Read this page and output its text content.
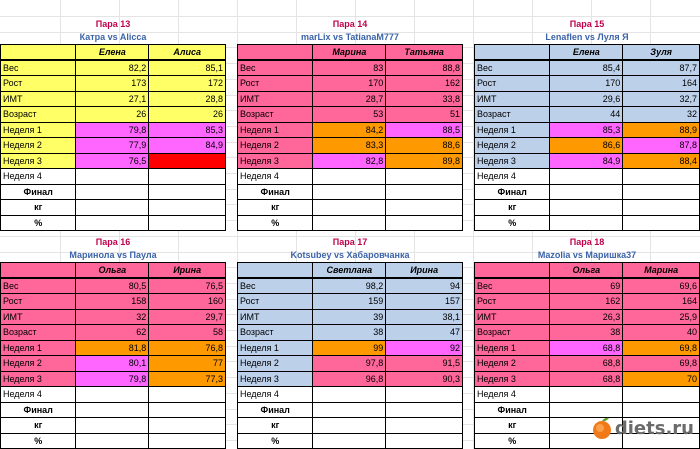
Пара 13
Катра vs Alicca
	Елена	Алиса
Вес	82,2	85,1
Рост	173	172
ИМТ	27,1	28,8
Возраст	26	26
Неделя 1	79,8	85,3
Неделя 2	77,9	84,9
Неделя 3	76,5	
Неделя 4		
Финал		
кг		
%		
Пара 14
marLix vs TatianaM777
	Марина	Татьяна
Вес	83	88,8
Рост	170	162
ИМТ	28,7	33,8
Возраст	53	51
Неделя 1	84,2	88,5
Неделя 2	83,3	88,6
Неделя 3	82,8	89,8
Неделя 4		
Финал		
кг		
%		
Пара 15
Lenaflen vs Луля Я
	Елена	Зуля
Вес	85,4	87,7
Рост	170	164
ИМТ	29,6	32,7
Возраст	44	32
Неделя 1	85,3	88,9
Неделя 2	86,6	87,8
Неделя 3	84,9	88,4
Неделя 4		
Финал		
кг		
%		
Пара 16
Маринола vs Паула
	Ольга	Ирина
Вес	80,5	76,5
Рост	158	160
ИМТ	32	29,7
Возраст	62	58
Неделя 1	81,8	76,8
Неделя 2	80,1	77
Неделя 3	79,8	77,3
Неделя 4		
Финал		
кг		
%		
Пара 17
Kotsubey vs Хабаровчанка
	Светлана	Ирина
Вес	98,2	94
Рост	159	157
ИМТ	39	38,1
Возраст	38	47
Неделя 1	99	92
Неделя 2	97,8	91,5
Неделя 3	96,8	90,3
Неделя 4		
Финал		
кг		
%		
Пара 18
Mazolia vs Маришка37
	Ольга	Марина
Вес	69	69,6
Рост	162	164
ИМТ	26,3	25,9
Возраст	38	40
Неделя 1	68,8	69,8
Неделя 2	68,8	69,8
Неделя 3	68,8	70
Неделя 4		
Финал		
кг		
%		
diets.ru
